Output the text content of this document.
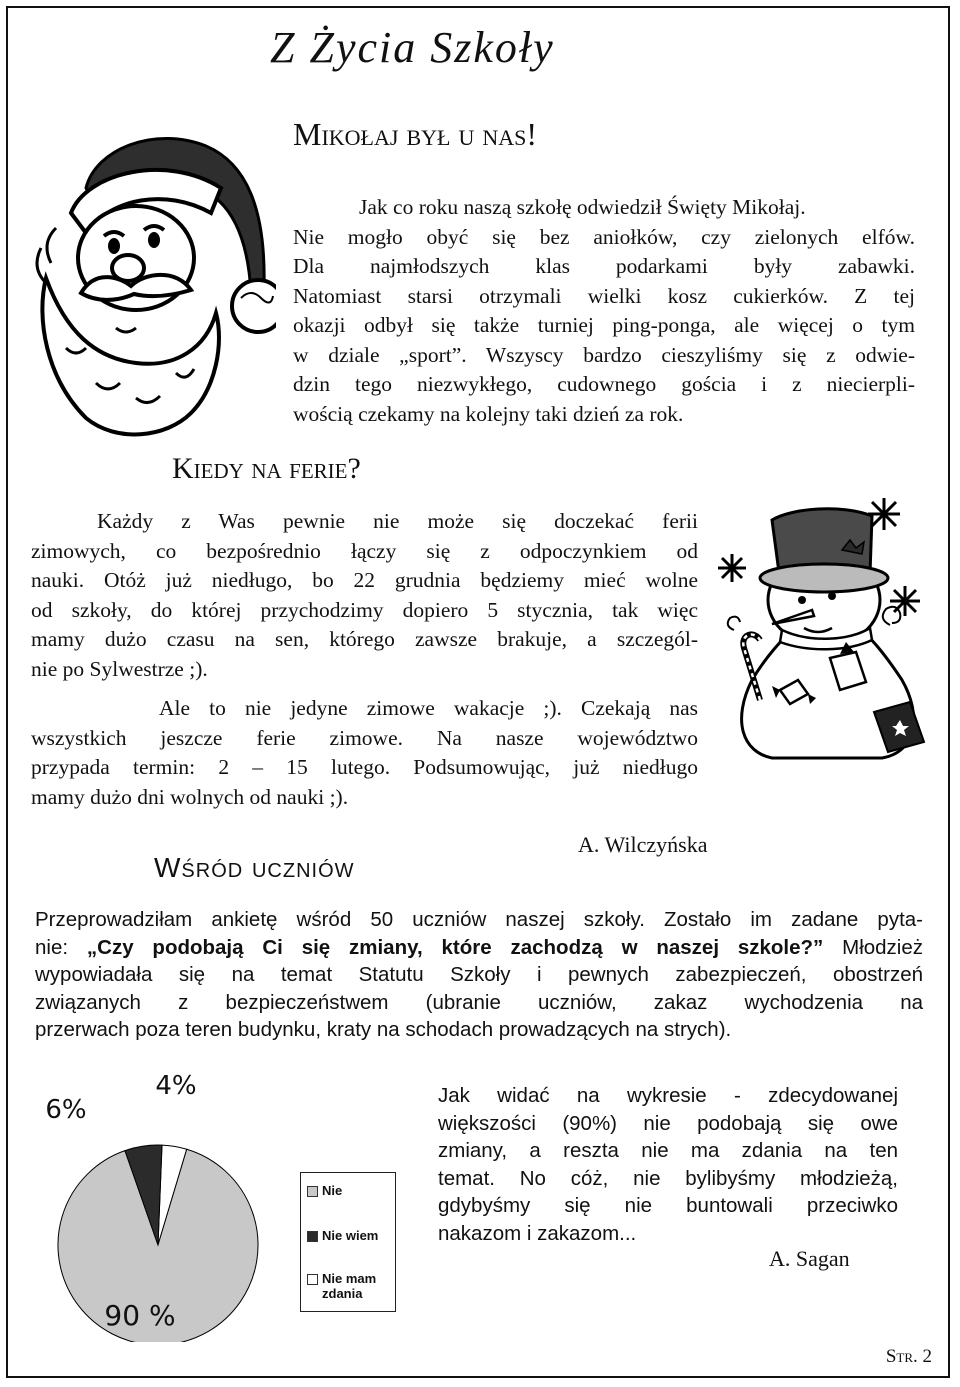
Z Życia Szkoły
Mikołaj był u nas!
Jak co roku naszą szkołę odwiedził Święty Mikołaj.
Nie mogło obyć się bez aniołków, czy zielonych elfów.
Dla najmłodszych klas podarkami były zabawki.
Natomiast starsi otrzymali wielki kosz cukierków. Z tej
okazji odbył się także turniej ping-ponga, ale więcej o tym
w dziale „sport”. Wszyscy bardzo cieszyliśmy się z odwie-
dzin tego niezwykłego, cudownego gościa i z niecierpli-
wością czekamy na kolejny taki dzień za rok.
Kiedy na ferie?
Każdy z Was pewnie nie może się doczekać ferii
zimowych, co bezpośrednio łączy się z odpoczynkiem od
nauki. Otóż już niedługo, bo 22 grudnia będziemy mieć wolne
od szkoły, do której przychodzimy dopiero 5 stycznia, tak więc
mamy dużo czasu na sen, którego zawsze brakuje, a szczegól-
nie po Sylwestrze ;).
Ale to nie jedyne zimowe wakacje ;). Czekają nas
wszystkich jeszcze ferie zimowe. Na nasze województwo
przypada termin: 2 – 15 lutego. Podsumowując, już niedługo
mamy dużo dni wolnych od nauki ;).
A. Wilczyńska
Wśród uczniów
Przeprowadziłam ankietę wśród 50 uczniów naszej szkoły. Zostało im zadane pyta-
nie: „Czy podobają Ci się zmiany, które zachodzą w naszej szkole?” Młodzież
wypowiadała się na temat Statutu Szkoły i pewnych zabezpieczeń, obostrzeń
związanych z bezpieczeństwem (ubranie uczniów, zakaz wychodzenia na
przerwach poza teren budynku, kraty na schodach prowadzących na strych).
90 %
6%
4%
Nie
Nie wiem
Nie mam
zdania
Jak widać na wykresie - zdecydowanej
większości (90%) nie podobają się owe
zmiany, a reszta nie ma zdania na ten
temat. No cóż, nie bylibyśmy młodzieżą,
gdybyśmy się nie buntowali przeciwko
nakazom i zakazom...
A. Sagan
Str. 2
